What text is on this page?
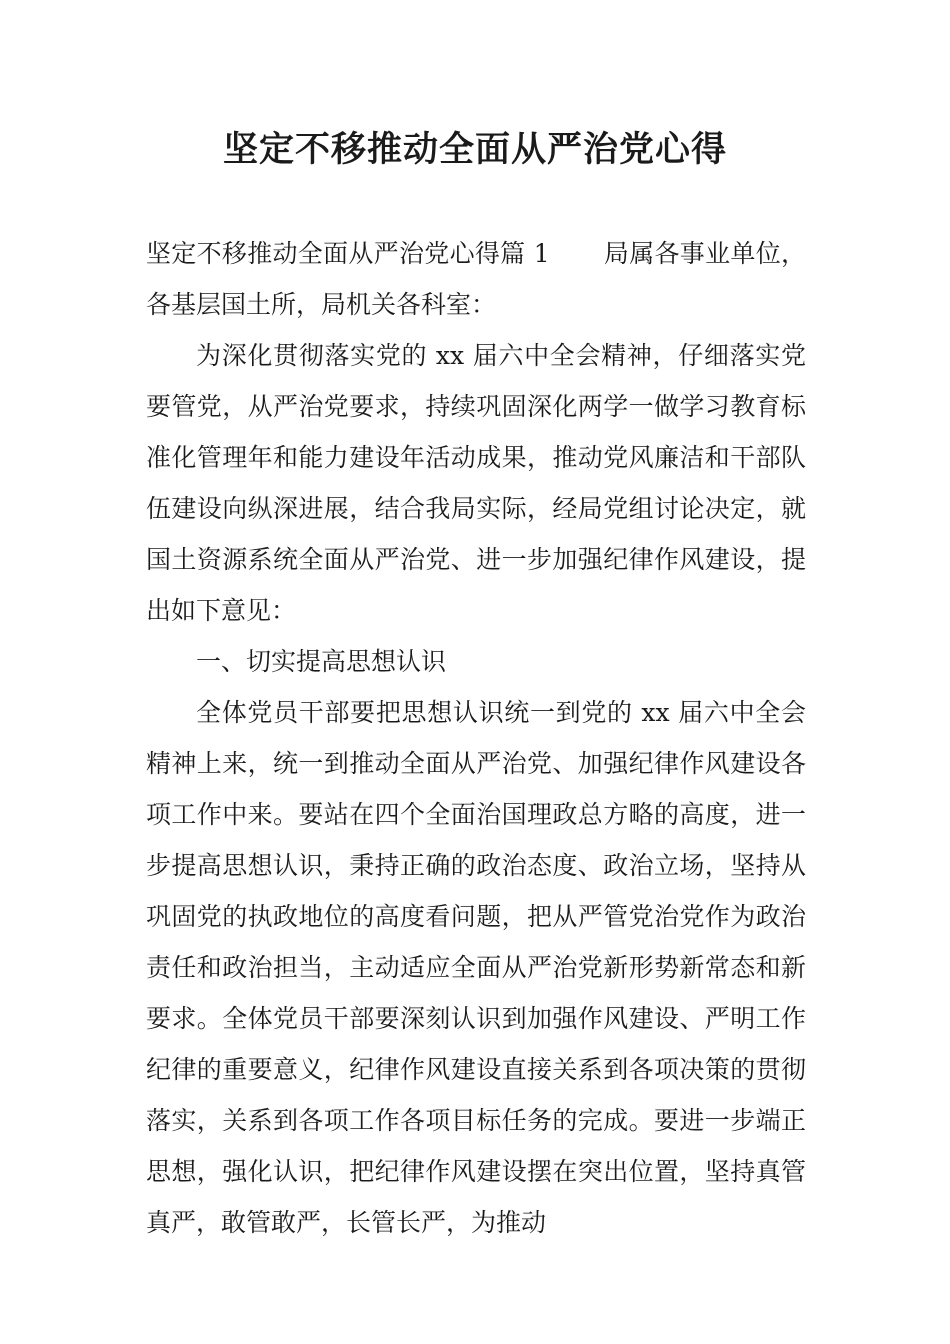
坚定不移推动全面从严治党心得

坚定不移推动全面从严治党心得篇 1 局属各事业单位，各基层国土所，局机关各科室：

为深化贯彻落实党的 xx 届六中全会精神，仔细落实党要管党，从严治党要求，持续巩固深化两学一做学习教育标准化管理年和能力建设年活动成果，推动党风廉洁和干部队伍建设向纵深进展，结合我局实际，经局党组讨论决定，就国土资源系统全面从严治党、进一步加强纪律作风建设，提出如下意见：

一、切实提高思想认识

全体党员干部要把思想认识统一到党的 xx 届六中全会精神上来，统一到推动全面从严治党、加强纪律作风建设各项工作中来。要站在四个全面治国理政总方略的高度，进一步提高思想认识，秉持正确的政治态度、政治立场，坚持从巩固党的执政地位的高度看问题，把从严管党治党作为政治责任和政治担当，主动适应全面从严治党新形势新常态和新要求。全体党员干部要深刻认识到加强作风建设、严明工作纪律的重要意义，纪律作风建设直接关系到各项决策的贯彻落实，关系到各项工作各项目标任务的完成。要进一步端正思想，强化认识，把纪律作风建设摆在突出位置，坚持真管真严，敢管敢严，长管长严，为推动
